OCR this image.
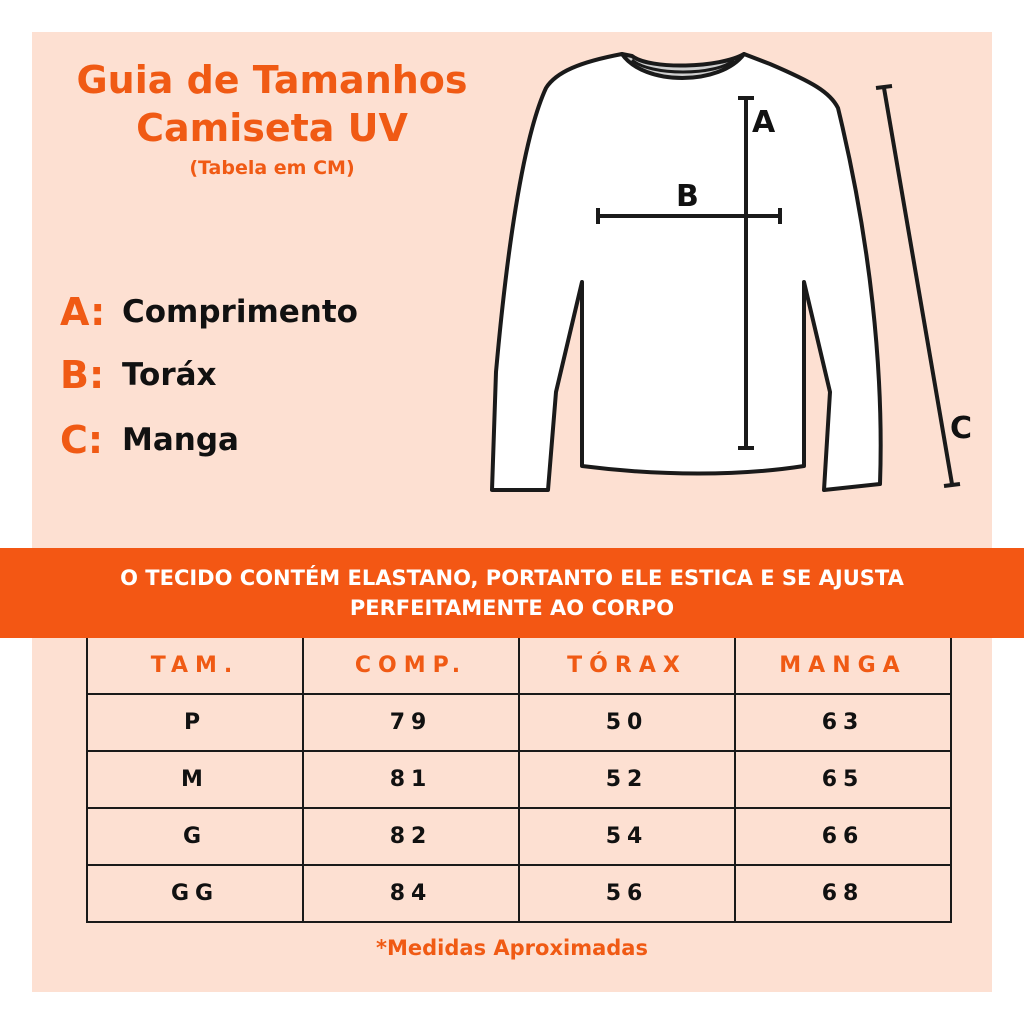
Guia de Tamanhos
Camiseta UV
(Tabela em CM)
A: Comprimento
B: Toráx
C: Manga
A
B
C
O TECIDO CONTÉM ELASTANO, PORTANTO ELE ESTICA E SE AJUSTA
PERFEITAMENTE AO CORPO
TAM.	COMP.	TÓRAX	MANGA
P	79	50	63
M	81	52	65
G	82	54	66
GG	84	56	68
*Medidas Aproximadas
